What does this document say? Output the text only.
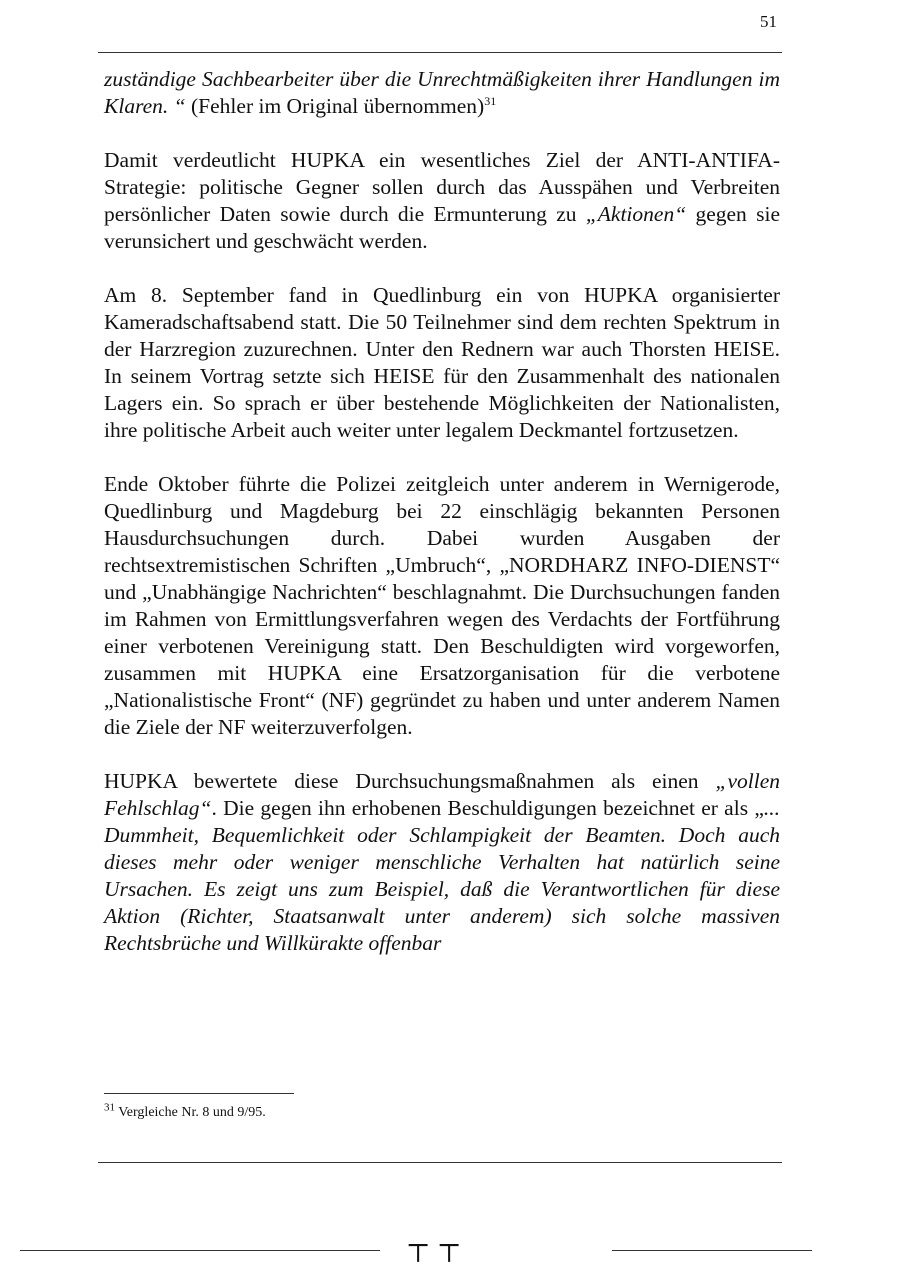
51

zuständige Sachbearbeiter über die Unrechtmäßigkeiten ihrer Handlungen im Klaren. “ (Fehler im Original übernommen)$^{31}$

Damit verdeutlicht HUPKA ein wesentliches Ziel der ANTI-ANTIFA-Strategie: politische Gegner sollen durch das Ausspähen und Verbreiten persönlicher Daten sowie durch die Ermunterung zu „Aktionen“ gegen sie verunsichert und geschwächt werden.

Am 8. September fand in Quedlinburg ein von HUPKA organisierter Kameradschaftsabend statt. Die 50 Teilnehmer sind dem rechten Spektrum in der Harzregion zuzurechnen. Unter den Rednern war auch Thorsten HEISE. In seinem Vortrag setzte sich HEISE für den Zusammenhalt des nationalen Lagers ein. So sprach er über bestehende Möglichkeiten der Nationalisten, ihre politische Arbeit auch weiter unter legalem Deckmantel fortzusetzen.

Ende Oktober führte die Polizei zeitgleich unter anderem in Wernigerode, Quedlinburg und Magdeburg bei 22 einschlägig bekannten Personen Hausdurchsuchungen durch. Dabei wurden Ausgaben der rechtsextremistischen Schriften „Umbruch“, „NORDHARZ INFO-DIENST“ und „Unabhängige Nachrichten“ beschlagnahmt. Die Durchsuchungen fanden im Rahmen von Ermittlungsverfahren wegen des Verdachts der Fortführung einer verbotenen Vereinigung statt. Den Beschuldigten wird vorgeworfen, zusammen mit HUPKA eine Ersatzorganisation für die verbotene „Nationalistische Front“ (NF) gegründet zu haben und unter anderem Namen die Ziele der NF weiterzuverfolgen.

HUPKA bewertete diese Durchsuchungsmaßnahmen als einen „vollen Fehlschlag“. Die gegen ihn erhobenen Beschuldigungen bezeichnet er als „... Dummheit, Bequemlichkeit oder Schlampigkeit der Beamten. Doch auch dieses mehr oder weniger menschliche Verhalten hat natürlich seine Ursachen. Es zeigt uns zum Beispiel, daß die Verantwortlichen für diese Aktion (Richter, Staatsanwalt unter anderem) sich solche massiven Rechtsbrüche und Willkürakte offenbar

$^{31}$ Vergleiche Nr. 8 und 9/95.
⊤ ⊤
